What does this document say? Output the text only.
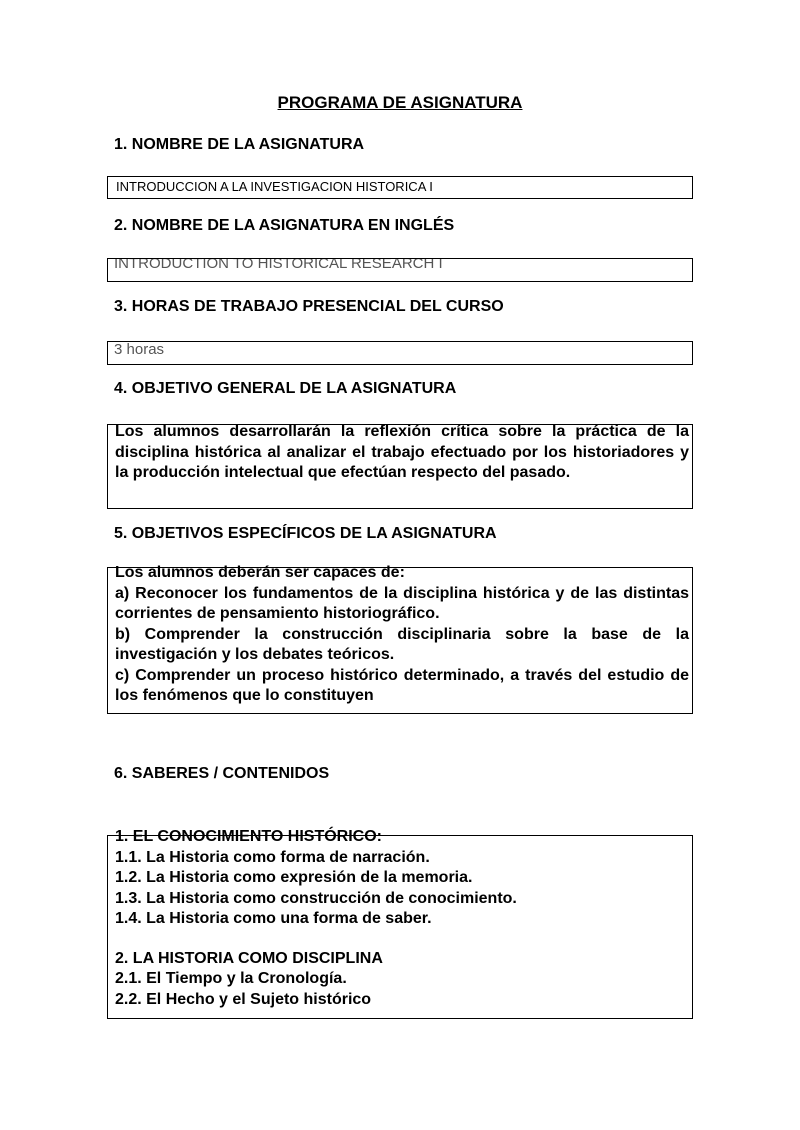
PROGRAMA DE ASIGNATURA
1. NOMBRE DE LA ASIGNATURA
INTRODUCCION A LA INVESTIGACION HISTORICA I
2. NOMBRE DE LA ASIGNATURA EN INGLÉS
INTRODUCTION TO HISTORICAL RESEARCH I
3. HORAS DE TRABAJO PRESENCIAL DEL CURSO
3 horas
4. OBJETIVO GENERAL DE LA ASIGNATURA
Los alumnos desarrollarán la reflexión crítica sobre la práctica de la disciplina histórica al analizar el trabajo efectuado por los historiadores y la producción intelectual que efectúan respecto del pasado.
5. OBJETIVOS ESPECÍFICOS DE LA ASIGNATURA
Los alumnos deberán ser capaces de:
a) Reconocer los fundamentos de la disciplina histórica y de las distintas corrientes de pensamiento historiográfico.
b) Comprender la construcción disciplinaria sobre la base de la investigación y los debates teóricos.
c) Comprender un proceso histórico determinado, a través del estudio de los fenómenos que lo constituyen
6. SABERES / CONTENIDOS
1. EL CONOCIMIENTO HISTÓRICO:
1.1. La Historia como forma de narración.
1.2. La Historia como expresión de la memoria.
1.3. La Historia como construcción de conocimiento.
1.4. La Historia como una forma de saber.
2. LA HISTORIA COMO DISCIPLINA
2.1. El Tiempo y la Cronología.
2.2. El Hecho y el Sujeto histórico
